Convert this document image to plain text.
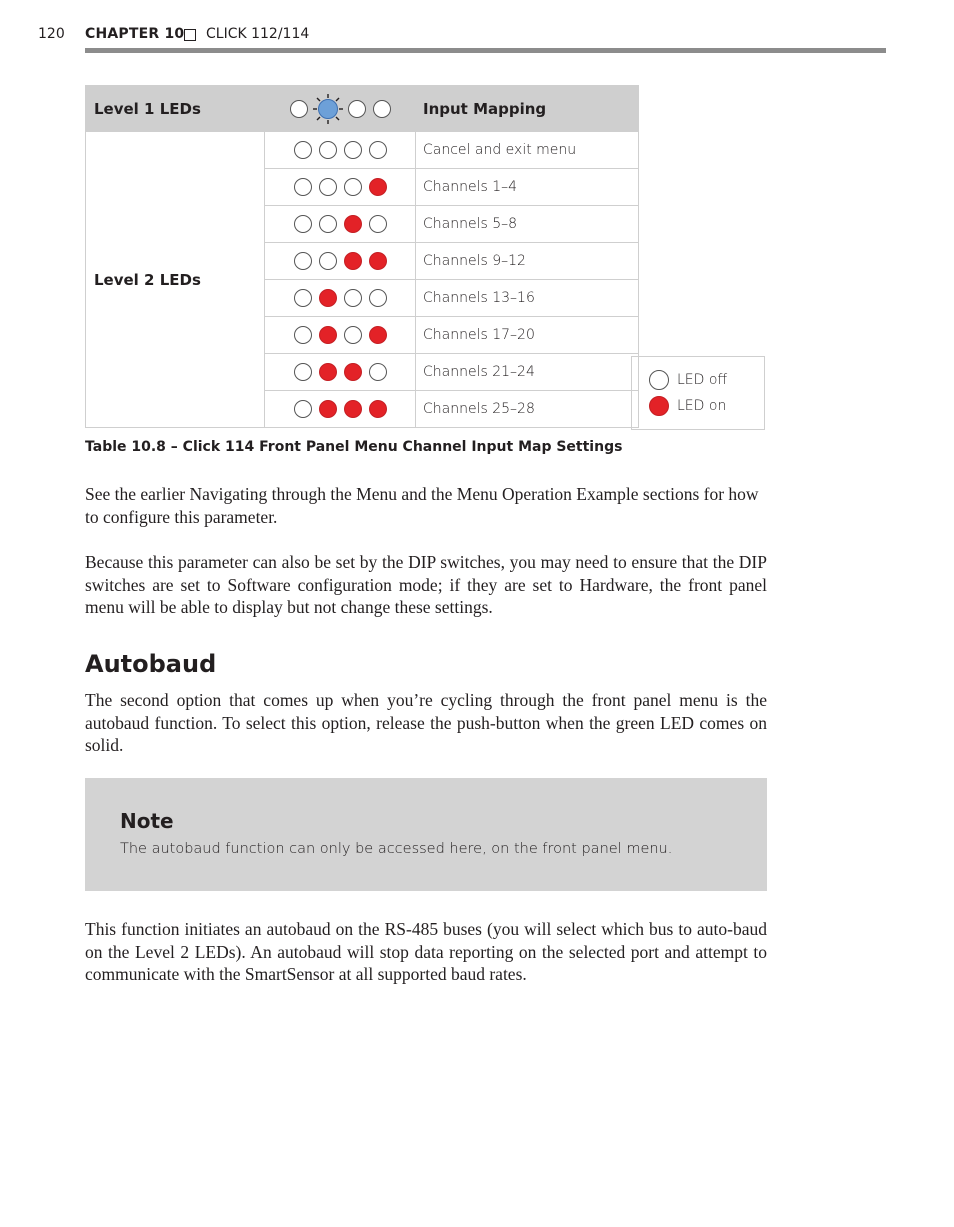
120 CHAPTER 10 CLICK 112/114
Level 1 LEDs		Input Mapping
Level 2 LEDs		Cancel and exit menu

		Channels 1–4

		Channels 5–8

		Channels 9–12

		Channels 13–16

		Channels 17–20

		Channels 21–24

		Channels 25–28
LED off
LED on
Table 10.8 – Click 114 Front Panel Menu Channel Input Map Settings

See the earlier Navigating through the Menu and the Menu Operation Example sections for how to configure this parameter.

Because this parameter can also be set by the DIP switches, you may need to ensure that the DIP switches are set to Software configuration mode; if they are set to Hardware, the front panel menu will be able to display but not change these settings.

Autobaud

The second option that comes up when you’re cycling through the front panel menu is the autobaud function. To select this option, release the push-button when the green LED comes on solid.

Note
The autobaud function can only be accessed here, on the front panel menu.

This function initiates an autobaud on the RS-485 buses (you will select which bus to auto-baud on the Level 2 LEDs). An autobaud will stop data reporting on the selected port and attempt to communicate with the SmartSensor at all supported baud rates.
